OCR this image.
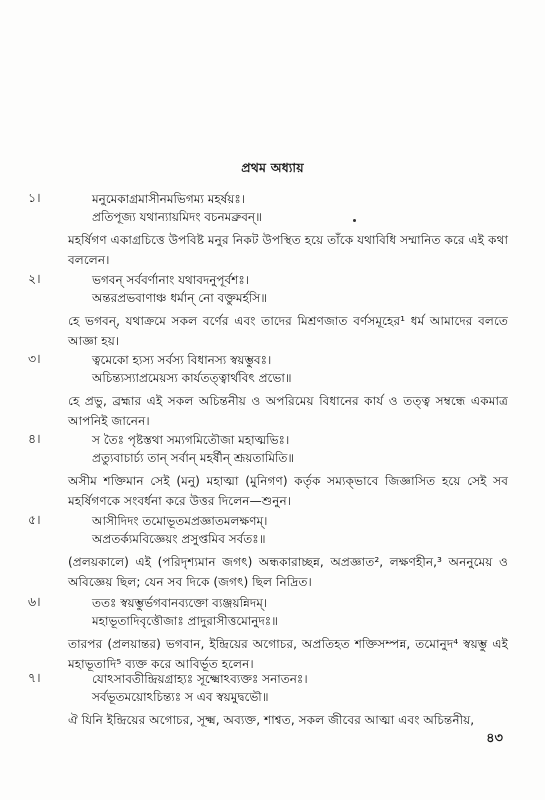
প্রথম অধ্যায়
১।	মনুমেকাগ্রমাসীনমভিগম্য মহর্ষয়ঃ।
প্রতিপূজ্য যথান্যায়মিদং বচনমব্রুবন্‌॥
মহর্ষিগণ একাগ্রচিত্তে উপবিষ্ট মনুর নিকট উপস্থিত হয়ে তাঁকে যথাবিধি সম্মানিত করে এই কথা বললেন।
২।	ভগবন্‌ সর্ববর্ণানাং যথাবদনুপূর্বশঃ।
অন্তরপ্রভবাণাঞ্চ ধর্মান্‌ নো বক্তুমর্হসি॥
হে ভগবন্‌, যথাক্রমে সকল বর্ণের এবং তাদের মিশ্রণজাত বর্ণসমূহের¹ ধর্ম আমাদের বলতে আজ্ঞা হয়।
৩।	ত্বমেকো হ্যস্য সর্বস্য বিধানস্য স্বয়ম্ভুবঃ।
অচিন্ত্যস্যাপ্রমেয়স্য কার্যতত্ত্বার্থবিৎ প্রভো॥
হে প্রভু, ব্রহ্মার এই সকল অচিন্তনীয় ও অপরিমেয় বিধানের কার্য ও তত্ত্ব সম্বন্ধে একমাত্র আপনিই জানেন।
৪।	স তৈঃ পৃষ্টস্তথা সম্যগমিতৌজা মহাত্মভিঃ।
প্রত্যুবাচার্চ্য তান্‌ সর্বান্‌ মহর্ষীন্‌ শ্রূয়তামিতি॥
অসীম শক্তিমান সেই (মনু) মহাত্মা (মুনিগণ) কর্তৃক সম্যক্‌ভাবে জিজ্ঞাসিত হয়ে সেই সব মহর্ষিগণকে সংবর্ধনা করে উত্তর দিলেন—শুনুন।
৫।	আসীদিদং তমোভূতমপ্রজ্ঞাতমলক্ষণম্‌।
অপ্রতর্ক্যমবিজ্ঞেয়ং প্রসুপ্তমিব সর্বতঃ॥
(প্রলয়কালে) এই (পরিদৃশ্যমান জগৎ) অন্ধকারাচ্ছন্ন, অপ্রজ্ঞাত², লক্ষণহীন,³ অননুমেয় ও অবিজ্ঞেয় ছিল; যেন সব দিকে (জগৎ) ছিল নিদ্রিত।
৬।	ততঃ স্বয়ম্ভুর্ভগবানব্যক্তো ব্যঞ্জয়ন্নিদম্‌।
মহাভূতাদিবৃত্তৌজাঃ প্রাদুরাসীত্তমোনুদঃ॥
তারপর (প্রলয়ান্তর) ভগবান, ইন্দ্রিয়ের অগোচর, অপ্রতিহত শক্তিসম্পন্ন, তমোনুদ⁴ স্বয়ম্ভু এই মহাভূতাদি⁵ ব্যক্ত করে আবির্ভূত হলেন।
৭।	যোঽসাবতীন্দ্রিয়গ্রাহ্যঃ সূক্ষ্মোঽব্যক্তঃ সনাতনঃ।
সর্বভূতময়োঽচিন্ত্যঃ স এব স্বয়মুদ্বভৌ॥
ঐ যিনি ইন্দ্রিয়ের অগোচর, সূক্ষ্ম, অব্যক্ত, শাশ্বত, সকল জীবের আত্মা এবং অচিন্তনীয়,
৪৩
